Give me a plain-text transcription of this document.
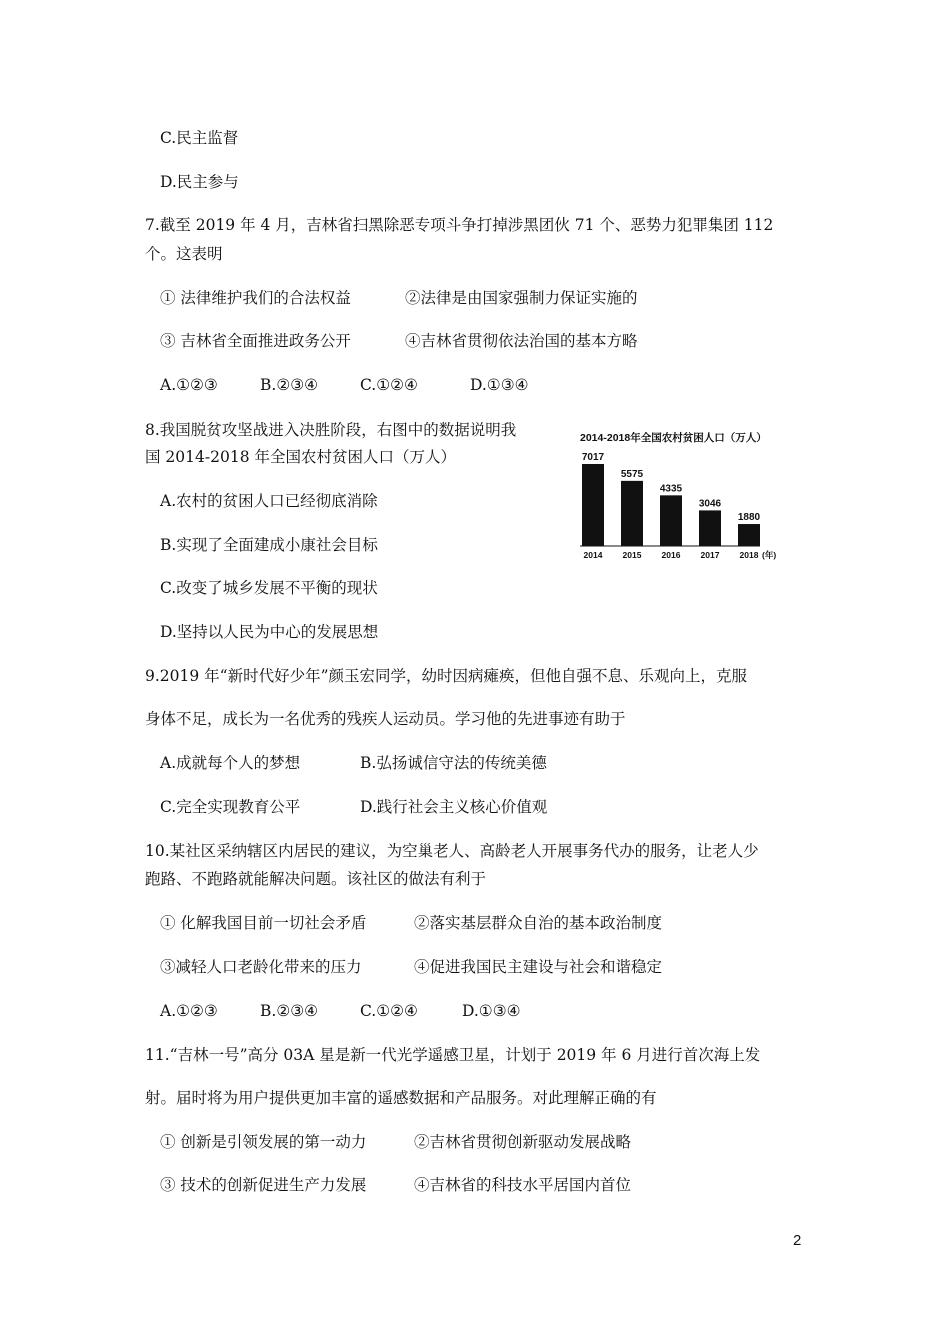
C.民主监督
D.民主参与
7.截至 2019 年 4 月，吉林省扫黑除恶专项斗争打掉涉黑团伙 71 个、恶势力犯罪集团 112
个。这表明
① 法律维护我们的合法权益	②法律是由国家强制力保证实施的
③ 吉林省全面推进政务公开	④吉林省贯彻依法治国的基本方略
A.①②③	B.②③④	C.①②④	D.①③④
8.我国脱贫攻坚战进入决胜阶段，右图中的数据说明我
国 2014-2018 年全国农村贫困人口（万人）
A.农村的贫困人口已经彻底消除
B.实现了全面建成小康社会目标
C.改变了城乡发展不平衡的现状
D.坚持以人民为中心的发展思想
2014-2018年全国农村贫困人口（万人）
7017
2014
5575
2015
4335
2016
3046
2017
1880
2018 (年)
9.2019 年“新时代好少年”颜玉宏同学，幼时因病瘫痪，但他自强不息、乐观向上，克服
身体不足，成长为一名优秀的残疾人运动员。学习他的先进事迹有助于
A.成就每个人的梦想	B.弘扬诚信守法的传统美德
C.完全实现教育公平	D.践行社会主义核心价值观
10.某社区采纳辖区内居民的建议，为空巢老人、高龄老人开展事务代办的服务，让老人少
跑路、不跑路就能解决问题。该社区的做法有利于
① 化解我国目前一切社会矛盾	②落实基层群众自治的基本政治制度
③减轻人口老龄化带来的压力	④促进我国民主建设与社会和谐稳定
A.①②③	B.②③④	C.①②④	D.①③④
11.“吉林一号”高分 03A 星是新一代光学遥感卫星，计划于 2019 年 6 月进行首次海上发
射。届时将为用户提供更加丰富的遥感数据和产品服务。对此理解正确的有
① 创新是引领发展的第一动力	②吉林省贯彻创新驱动发展战略
③ 技术的创新促进生产力发展	④吉林省的科技水平居国内首位
2
